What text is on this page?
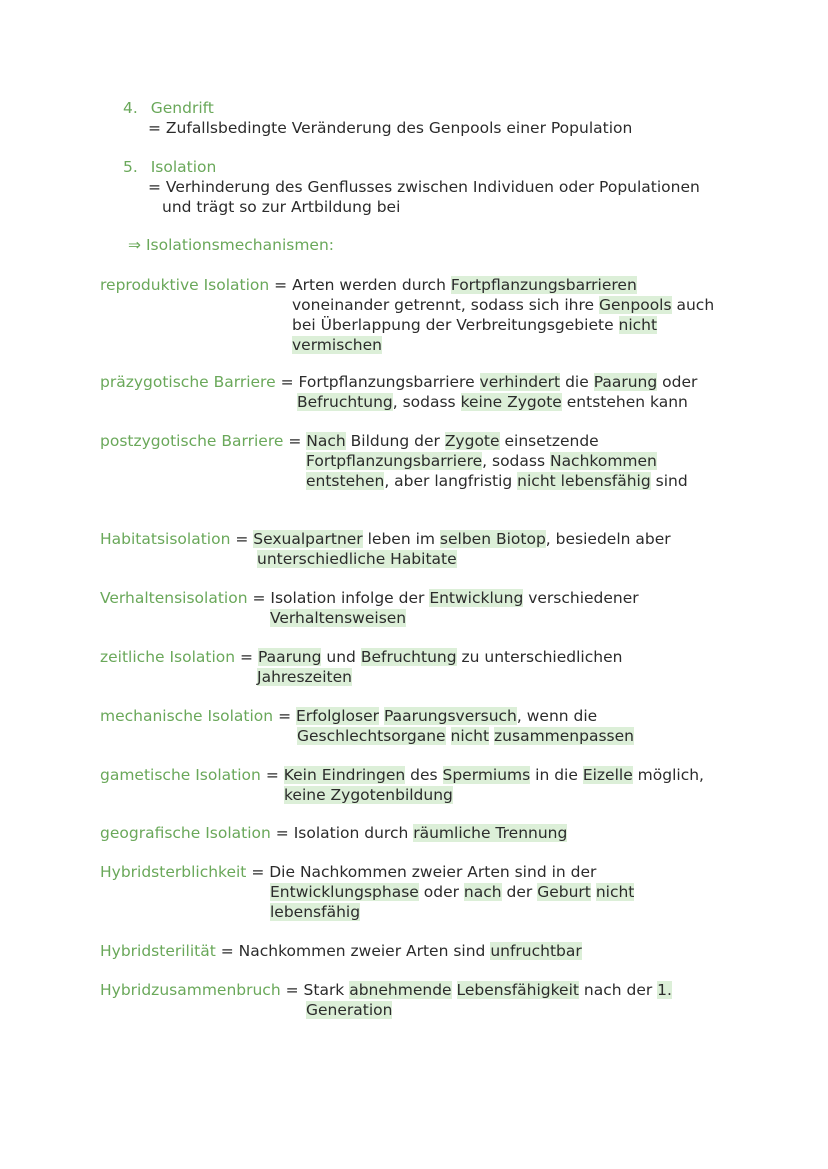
4. Gendrift
= Zufallsbedingte Veränderung des Genpools einer Population
5. Isolation
= Verhinderung des Genflusses zwischen Individuen oder Populationen
und trägt so zur Artbildung bei
⇒ Isolationsmechanismen:
reproduktive Isolation = Arten werden durch Fortpflanzungsbarrieren
voneinander getrennt, sodass sich ihre Genpools auch
bei Überlappung der Verbreitungsgebiete nicht
vermischen
präzygotische Barriere = Fortpflanzungsbarriere verhindert die Paarung oder
Befruchtung, sodass keine Zygote entstehen kann
postzygotische Barriere = Nach Bildung der Zygote einsetzende
Fortpflanzungsbarriere, sodass Nachkommen
entstehen, aber langfristig nicht lebensfähig sind
Habitatsisolation = Sexualpartner leben im selben Biotop, besiedeln aber
unterschiedliche Habitate
Verhaltensisolation = Isolation infolge der Entwicklung verschiedener
Verhaltensweisen
zeitliche Isolation = Paarung und Befruchtung zu unterschiedlichen
Jahreszeiten
mechanische Isolation = Erfolgloser Paarungsversuch, wenn die
Geschlechtsorgane nicht zusammenpassen
gametische Isolation = Kein Eindringen des Spermiums in die Eizelle möglich,
keine Zygotenbildung
geografische Isolation = Isolation durch räumliche Trennung
Hybridsterblichkeit = Die Nachkommen zweier Arten sind in der
Entwicklungsphase oder nach der Geburt nicht
lebensfähig
Hybridsterilität = Nachkommen zweier Arten sind unfruchtbar
Hybridzusammenbruch = Stark abnehmende Lebensfähigkeit nach der 1.
Generation
